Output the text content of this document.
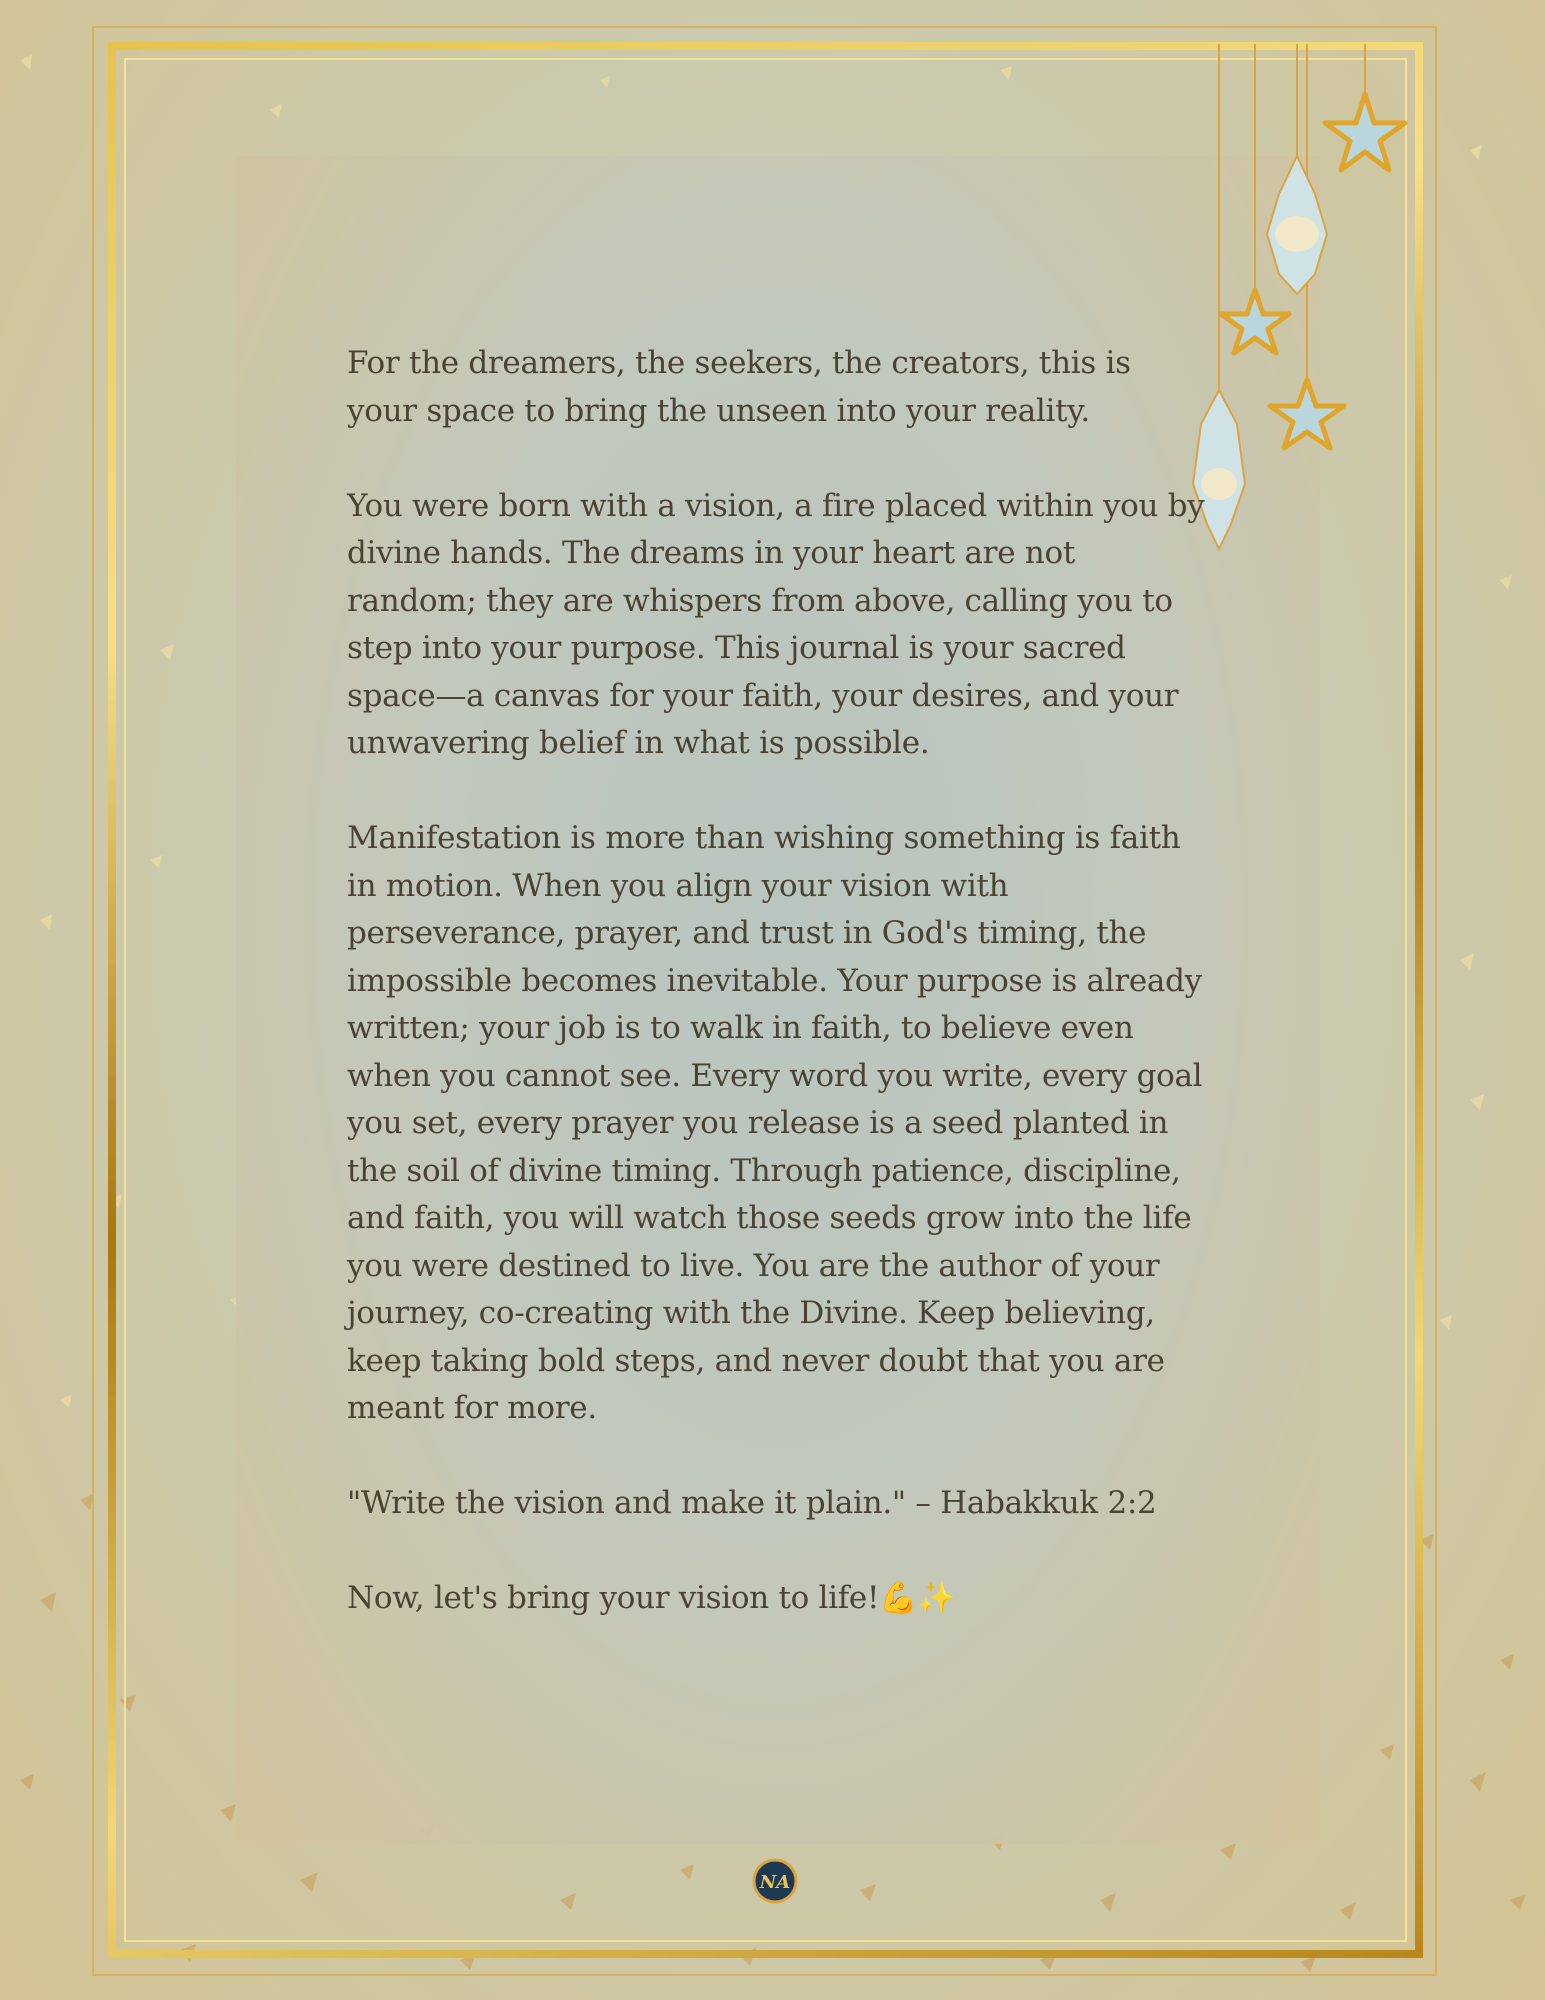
For the dreamers, the seekers, the creators, this is your space to bring the unseen into your reality.

You were born with a vision, a fire placed within you by divine hands. The dreams in your heart are not random; they are whispers from above, calling you to step into your purpose. This journal is your sacred space—a canvas for your faith, your desires, and your unwavering belief in what is possible.

Manifestation is more than wishing something is faith in motion. When you align your vision with perseverance, prayer, and trust in God's timing, the impossible becomes inevitable. Your purpose is already written; your job is to walk in faith, to believe even when you cannot see. Every word you write, every goal you set, every prayer you release is a seed planted in the soil of divine timing. Through patience, discipline, and faith, you will watch those seeds grow into the life you were destined to live. You are the author of your journey, co-creating with the Divine. Keep believing, keep taking bold steps, and never doubt that you are meant for more.

"Write the vision and make it plain." – Habakkuk 2:2

Now, let's bring your vision to life!💪✨

NA
